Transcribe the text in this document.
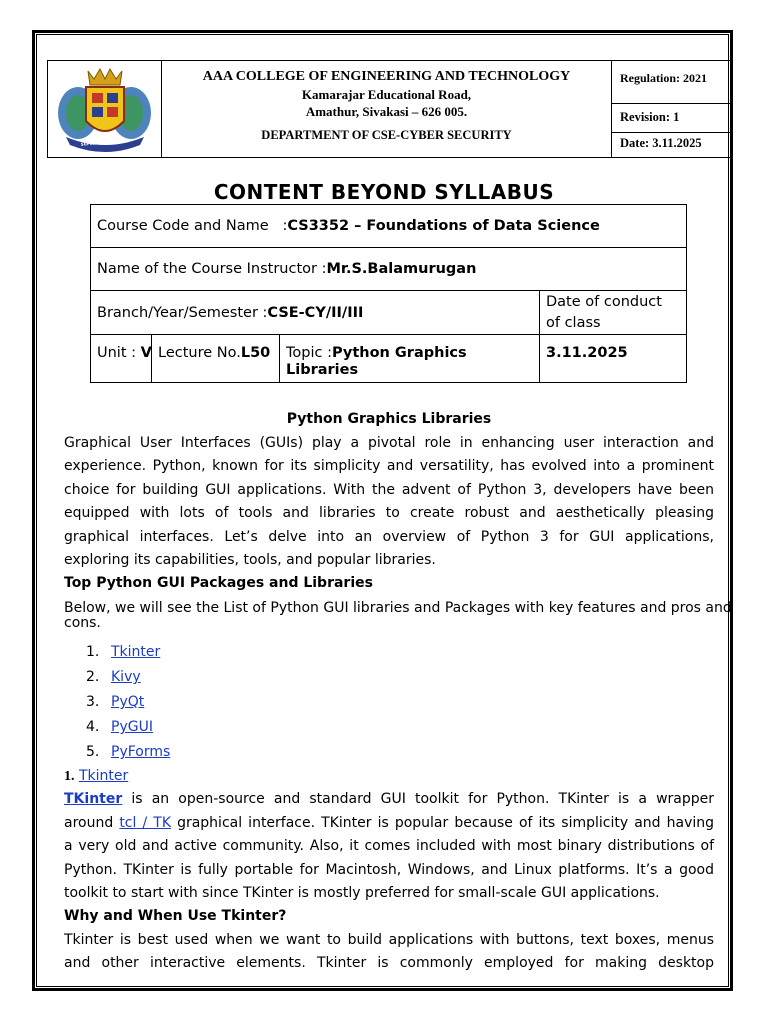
SUPER ACHIEVEMENT
AAA COLLEGE OF ENGINEERING AND TECHNOLOGY
Kamarajar Educational Road,
Amathur, Sivakasi – 626 005.
DEPARTMENT OF CSE-CYBER SECURITY
Regulation: 2021
Revision: 1
Date: 3.11.2025
CONTENT BEYOND SYLLABUS
Course Code and Name   :CS3352 – Foundations of Data Science	
Name of the Course Instructor :Mr.S.Balamurugan	
Branch/Year/Semester :CSE-CY/II/III	Date of conduct of class

Unit : V Lecture No.L50 Topic :Python Graphics Libraries	3.11.2025
Python Graphics Libraries
Graphical User Interfaces (GUIs) play a pivotal role in enhancing user interaction and
experience. Python, known for its simplicity and versatility, has evolved into a prominent
choice for building GUI applications. With the advent of Python 3, developers have been
equipped with lots of tools and libraries to create robust and aesthetically pleasing
graphical interfaces. Let’s delve into an overview of Python 3 for GUI applications,
exploring its capabilities, tools, and popular libraries.
Top Python GUI Packages and Libraries
Below, we will see the List of Python GUI libraries and Packages with key features and pros and cons.
1. Tkinter
2. Kivy
3. PyQt
4. PyGUI
5. PyForms
1. Tkinter
TKinter is an open-source and standard GUI toolkit for Python. TKinter is a wrapper
around tcl / TK graphical interface. TKinter is popular because of its simplicity and having
a very old and active community. Also, it comes included with most binary distributions of
Python. TKinter is fully portable for Macintosh, Windows, and Linux platforms. It’s a good
toolkit to start with since TKinter is mostly preferred for small-scale GUI applications.
Why and When Use Tkinter?
Tkinter is best used when we want to build applications with buttons, text boxes, menus
and other interactive elements. Tkinter is commonly employed for making desktop
